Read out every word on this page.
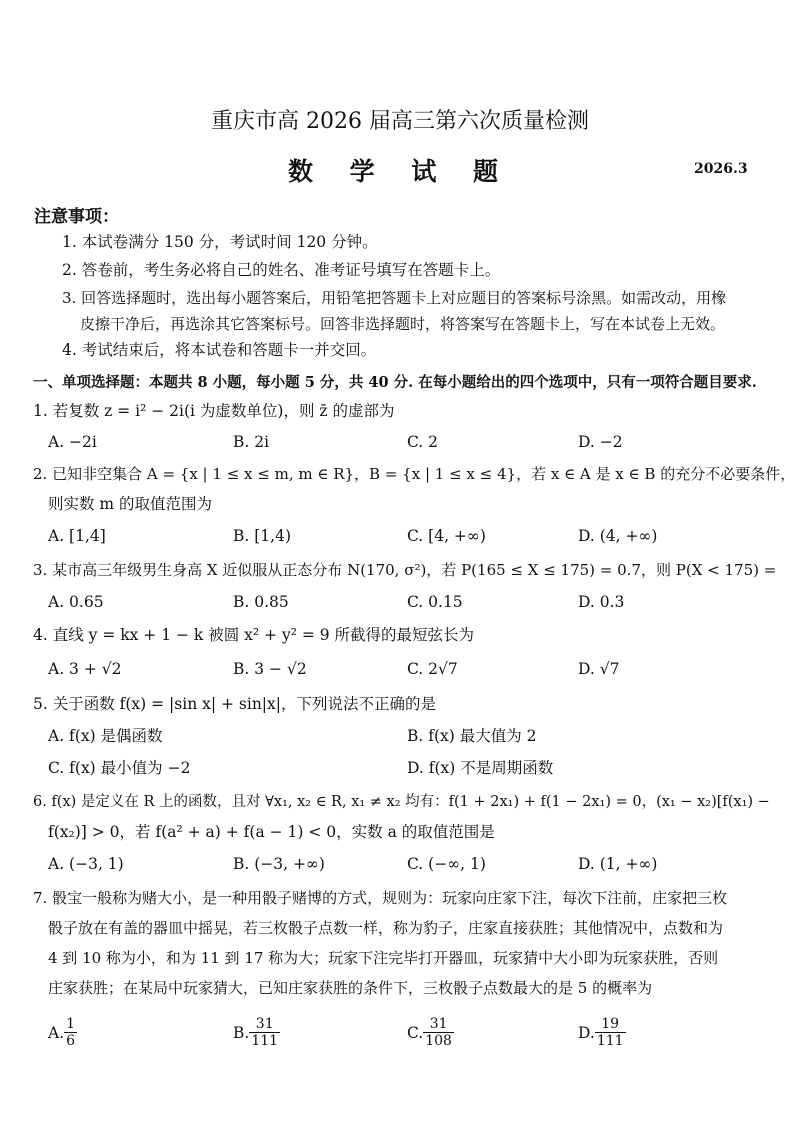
重庆市高 2026 届高三第六次质量检测
数 学 试 题	2026.3
注意事项：
1. 本试卷满分 150 分，考试时间 120 分钟。
2. 答卷前，考生务必将自己的姓名、准考证号填写在答题卡上。
3. 回答选择题时，选出每小题答案后，用铅笔把答题卡上对应题目的答案标号涂黑。如需改动，用橡
皮擦干净后，再选涂其它答案标号。回答非选择题时，将答案写在答题卡上，写在本试卷上无效。
4. 考试结束后，将本试卷和答题卡一并交回。
一、单项选择题：本题共 8 小题，每小题 5 分，共 40 分. 在每小题给出的四个选项中，只有一项符合题目要求.
1. 若复数 z = i² − 2i(i 为虚数单位)，则 z̄ 的虚部为
A. −2i	B. 2i	C. 2	D. −2
2. 已知非空集合 A = {x | 1 ≤ x ≤ m, m ∈ R}，B = {x | 1 ≤ x ≤ 4}，若 x ∈ A 是 x ∈ B 的充分不必要条件，
则实数 m 的取值范围为
A. [1,4]	B. [1,4)	C. [4, +∞)	D. (4, +∞)
3. 某市高三年级男生身高 X 近似服从正态分布 N(170, σ²)，若 P(165 ≤ X ≤ 175) = 0.7，则 P(X < 175) =
A. 0.65	B. 0.85	C. 0.15	D. 0.3
4. 直线 y = kx + 1 − k 被圆 x² + y² = 9 所截得的最短弦长为
A. 3 + √2	B. 3 − √2	C. 2√7	D. √7
5. 关于函数 f(x) = |sin x| + sin|x|，下列说法不正确的是
A. f(x) 是偶函数	B. f(x) 最大值为 2
C. f(x) 最小值为 −2	D. f(x) 不是周期函数
6. f(x) 是定义在 R 上的函数，且对 ∀x₁, x₂ ∈ R, x₁ ≠ x₂ 均有：f(1 + 2x₁) + f(1 − 2x₁) = 0，(x₁ − x₂)[f(x₁) −
f(x₂)] > 0，若 f(a² + a) + f(a − 1) < 0，实数 a 的取值范围是
A. (−3, 1)	B. (−3, +∞)	C. (−∞, 1)	D. (1, +∞)
7. 骰宝一般称为赌大小，是一种用骰子赌博的方式，规则为：玩家向庄家下注，每次下注前，庄家把三枚
骰子放在有盖的器皿中摇晃，若三枚骰子点数一样，称为豹子，庄家直接获胜；其他情况中，点数和为
4 到 10 称为小，和为 11 到 17 称为大；玩家下注完毕打开器皿，玩家猜中大小即为玩家获胜，否则
庄家获胜；在某局中玩家猜大，已知庄家获胜的条件下，三枚骰子点数最大的是 5 的概率为
A. $\frac{1}{6}$	B. $\frac{31}{111}$	C. $\frac{31}{108}$	D. $\frac{19}{111}$
